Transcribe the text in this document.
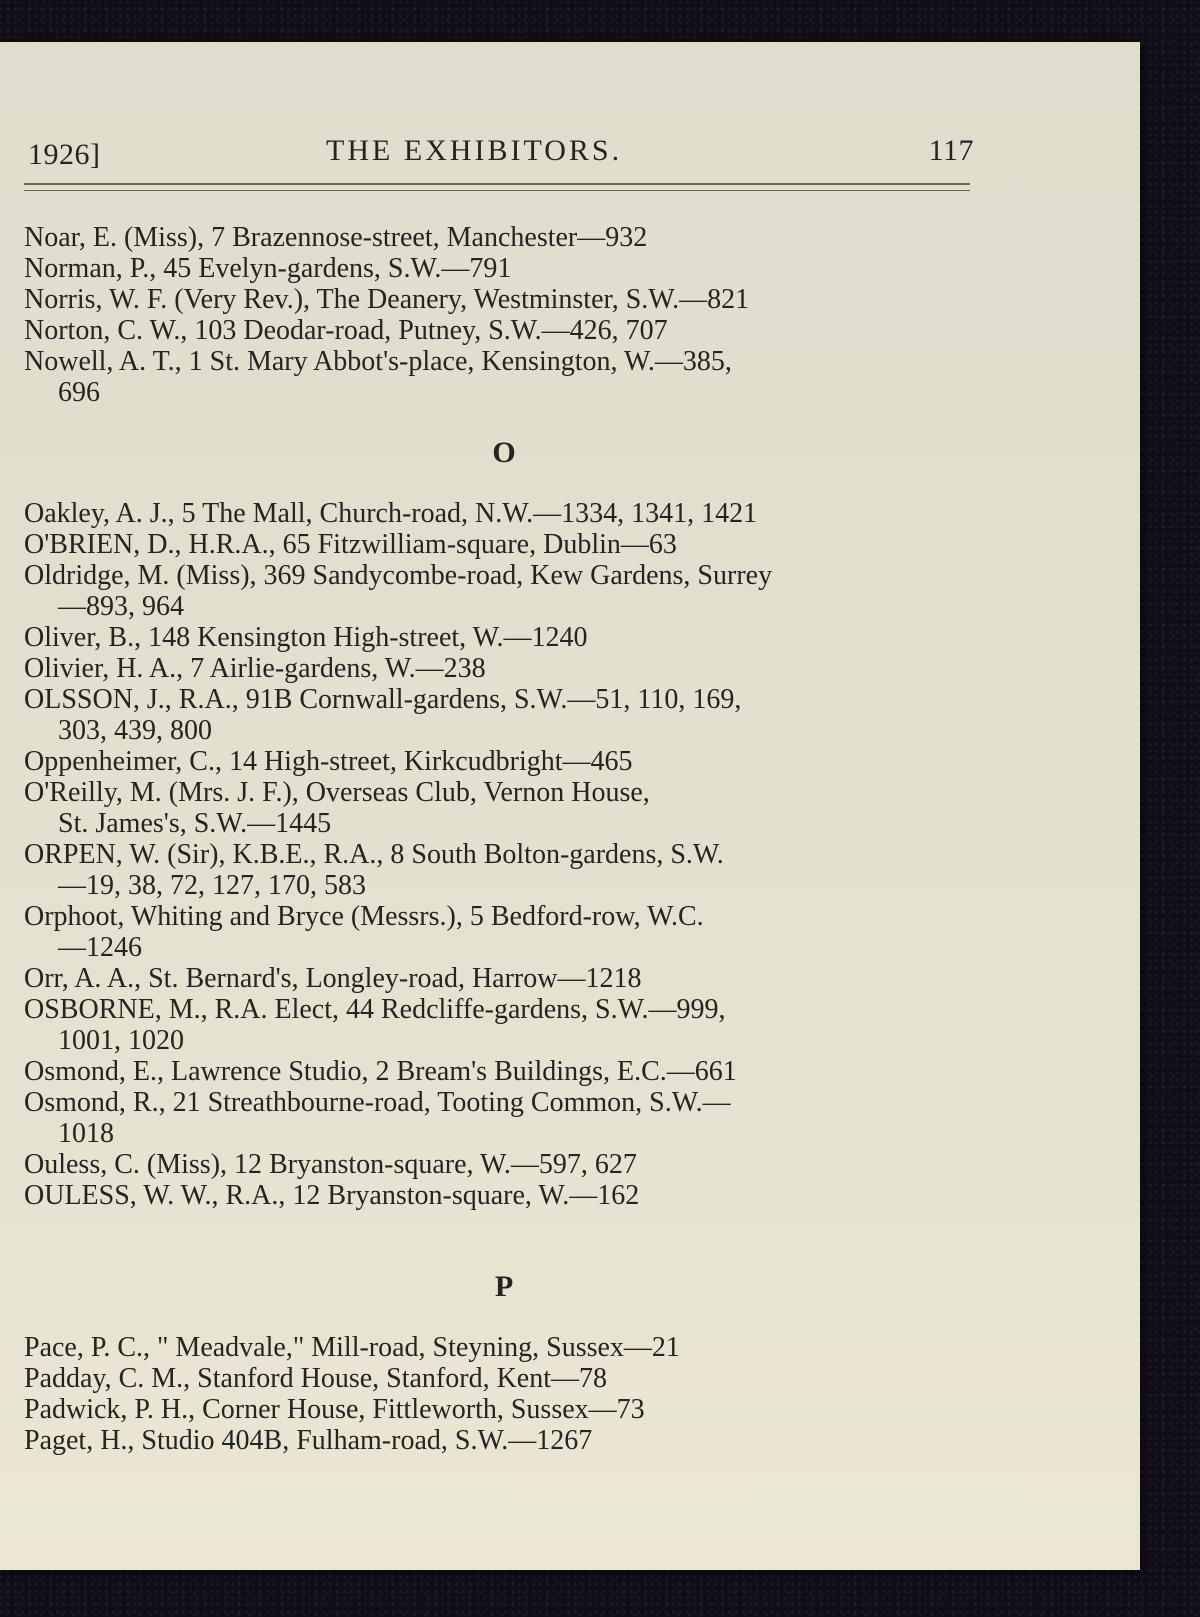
1926]	THE EXHIBITORS.	117
Noar, E. (Miss), 7 Brazennose-street, Manchester—932
Norman, P., 45 Evelyn-gardens, S.W.—791
Norris, W. F. (Very Rev.), The Deanery, Westminster, S.W.—821
Norton, C. W., 103 Deodar-road, Putney, S.W.—426, 707
Nowell, A. T., 1 St. Mary Abbot's-place, Kensington, W.—385,
696
O
Oakley, A. J., 5 The Mall, Church-road, N.W.—1334, 1341, 1421
O'BRIEN, D., H.R.A., 65 Fitzwilliam-square, Dublin—63
Oldridge, M. (Miss), 369 Sandycombe-road, Kew Gardens, Surrey
—893, 964
Oliver, B., 148 Kensington High-street, W.—1240
Olivier, H. A., 7 Airlie-gardens, W.—238
OLSSON, J., R.A., 91B Cornwall-gardens, S.W.—51, 110, 169,
303, 439, 800
Oppenheimer, C., 14 High-street, Kirkcudbright—465
O'Reilly, M. (Mrs. J. F.), Overseas Club, Vernon House,
St. James's, S.W.—1445
ORPEN, W. (Sir), K.B.E., R.A., 8 South Bolton-gardens, S.W.
—19, 38, 72, 127, 170, 583
Orphoot, Whiting and Bryce (Messrs.), 5 Bedford-row, W.C.
—1246
Orr, A. A., St. Bernard's, Longley-road, Harrow—1218
OSBORNE, M., R.A. Elect, 44 Redcliffe-gardens, S.W.—999,
1001, 1020
Osmond, E., Lawrence Studio, 2 Bream's Buildings, E.C.—661
Osmond, R., 21 Streathbourne-road, Tooting Common, S.W.—
1018
Ouless, C. (Miss), 12 Bryanston-square, W.—597, 627
OULESS, W. W., R.A., 12 Bryanston-square, W.—162
P
Pace, P. C., " Meadvale," Mill-road, Steyning, Sussex—21
Padday, C. M., Stanford House, Stanford, Kent—78
Padwick, P. H., Corner House, Fittleworth, Sussex—73
Paget, H., Studio 404B, Fulham-road, S.W.—1267
